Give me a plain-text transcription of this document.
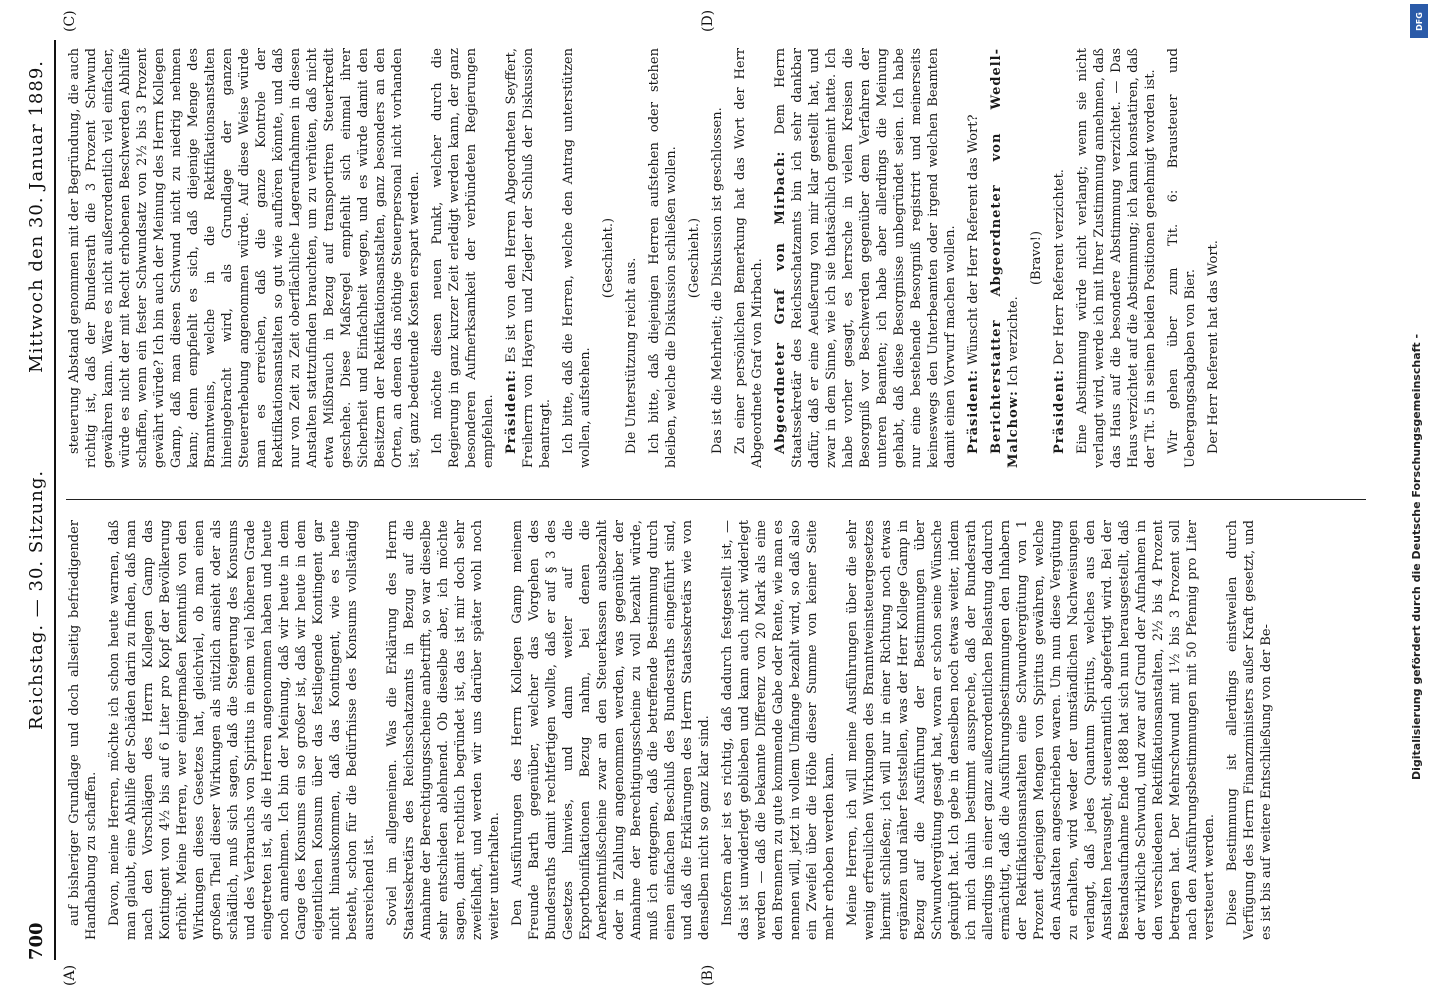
700
Reichstag. — 30. Sitzung.
Mittwoch den 30. Januar 1889.
(A)	(B)
(C)	(D)

auf bisheriger Grundlage und doch allseitig befriedigender Handhabung zu schaffen. Davon, meine Herren, möchte ich schon heute warnen, daß man glaubt, eine Abhilfe der Schäden darin zu finden, daß man nach den Vorschlägen des Herrn Kollegen Gamp das Kontingent von 4½ bis auf 6 Liter pro Kopf der Bevölkerung erhöht. Meine Herren, wer einigermaßen Kenntniß von den Wirkungen dieses Gesetzes hat, gleichviel, ob man einen großen Theil dieser Wirkungen als nützlich ansieht oder als schädlich, muß sich sagen, daß die Steigerung des Konsums und des Verbrauchs von Spiritus in einem viel höheren Grade eingetreten ist, als die Herren angenommen haben und heute noch annehmen. Ich bin der Meinung, daß wir heute in dem Gange des Konsums ein so großer ist, daß wir heute in dem eigentlichen Konsum über das festliegende Kontingent gar nicht hinauskommen, daß das Kontingent, wie es heute besteht, schon für die Bedürfnisse des Konsums vollständig ausreichend ist. Soviel im allgemeinen. Was die Erklärung des Herrn Staatssekretärs des Reichsschatzamts in Bezug auf die Annahme der Berechtigungsscheine anbetrifft, so war dieselbe sehr entschieden ablehnend. Ob dieselbe aber, ich möchte sagen, damit rechtlich begründet ist, das ist mir doch sehr zweifelhaft, und werden wir uns darüber später wohl noch weiter unterhalten. Den Ausführungen des Herrn Kollegen Gamp meinem Freunde Barth gegenüber, welcher das Vorgehen des Bundesraths damit rechtfertigen wollte, daß er auf § 3 des Gesetzes hinwies, und dann weiter auf die Exportbonifikationen Bezug nahm, bei denen die Anerkenntnißscheine zwar an den Steuerkassen ausbezahlt oder in Zahlung angenommen werden, was gegenüber der Annahme der Berechtigungsscheine zu voll bezahlt würde, muß ich entgegnen, daß die betreffende Bestimmung durch einen einfachen Beschluß des Bundesraths eingeführt sind, und daß die Erklärungen des Herrn Staatssekretärs wie von denselben nicht so ganz klar sind. Insofern aber ist es richtig, daß dadurch festgestellt ist, — das ist unwiderlegt geblieben und kann auch nicht widerlegt werden — daß die bekannte Differenz von 20 Mark als eine den Brennern zu gute kommende Gabe oder Rente, wie man es nennen will, jetzt in vollem Umfange bezahlt wird, so daß also ein Zweifel über die Höhe dieser Summe von keiner Seite mehr erhoben werden kann. Meine Herren, ich will meine Ausführungen über die sehr wenig erfreulichen Wirkungen des Branntweinsteuergesetzes hiermit schließen; ich will nur in einer Richtung noch etwas ergänzen und näher feststellen, was der Herr Kollege Gamp in Bezug auf die Ausführung der Bestimmungen über Schwundvergütung gesagt hat, woran er schon seine Wünsche geknüpft hat. Ich gebe in denselben noch etwas weiter, indem ich mich dahin bestimmt ausspreche, daß der Bundesrath allerdings in einer ganz außerordentlichen Belastung dadurch ermächtigt, daß die Ausführungsbestimmungen den Inhabern der Rektifikationsanstalten eine Schwundvergütung von 1 Prozent derjenigen Mengen von Spiritus gewähren, welche den Anstalten angeschrieben waren. Um nun diese Vergütung zu erhalten, wird weder der umständlichen Nachweisungen verlangt, daß jedes Quantum Spiritus, welches aus den Anstalten herausgeht, steueramtlich abgefertigt wird. Bei der Bestandsaufnahme Ende 1888 hat sich nun herausgestellt, daß der wirkliche Schwund, und zwar auf Grund der Aufnahmen in den verschiedenen Rektifikationsanstalten, 2½ bis 4 Prozent betragen hat. Der Mehrschwund mit 1½ bis 3 Prozent soll nach den Ausführungsbestimmungen mit 50 Pfennig pro Liter versteuert werden. Diese Bestimmung ist allerdings einstweilen durch Verfügung des Herrn Finanzministers außer Kraft gesetzt, und es ist bis auf weitere Entschließung von der Be-

steuerung Abstand genommen mit der Begründung, die auch richtig ist, daß der Bundesrath die 3 Prozent Schwund gewähren kann. Wäre es nicht außerordentlich viel einfacher, würde es nicht der mit Recht erhobenen Beschwerden Abhilfe schaffen, wenn ein fester Schwundsatz von 2½ bis 3 Prozent gewährt würde? Ich bin auch der Meinung des Herrn Kollegen Gamp, daß man diesen Schwund nicht zu niedrig nehmen kann; denn empfiehlt es sich, daß diejenige Menge des Branntweins, welche in die Rektifikationsanstalten hineingebracht wird, als Grundlage der ganzen Steuererhebung angenommen würde. Auf diese Weise würde man es erreichen, daß die ganze Kontrole der Rektifikationsanstalten so gut wie aufhören könnte, und daß nur von Zeit zu Zeit oberflächliche Lageraufnahmen in diesen Anstalten stattzufinden brauchten, um zu verhüten, daß nicht etwa Mißbrauch in Bezug auf transportiren Steuerkredit geschehe. Diese Maßregel empfiehlt sich einmal ihrer Sicherheit und Einfachheit wegen, und es würde damit den Besitzern der Rektifikationsanstalten, ganz besonders an den Orten, an denen das nöthige Steuerpersonal nicht vorhanden ist, ganz bedeutende Kosten erspart werden. Ich möchte diesen neuen Punkt, welcher durch die Regierung in ganz kurzer Zeit erledigt werden kann, der ganz besonderen Aufmerksamkeit der verbündeten Regierungen empfehlen. Präsident: Es ist von den Herren Abgeordneten Seyffert, Freiherrn von Hayern und Ziegler der Schluß der Diskussion beantragt. Ich bitte, daß die Herren, welche den Antrag unterstützen wollen, aufstehen.

(Geschieht.) Die Unterstützung reicht aus. Ich bitte, daß diejenigen Herren aufstehen oder stehen bleiben, welche die Diskussion schließen wollen. (Geschieht.) Das ist die Mehrheit; die Diskussion ist geschlossen. Zu einer persönlichen Bemerkung hat das Wort der Herr Abgeordnete Graf von Mirbach. Abgeordneter Graf von Mirbach: Dem Herrn Staatssekretär des Reichsschatzamts bin ich sehr dankbar dafür, daß er eine Aeußerung von mir klar gestellt hat, und zwar in dem Sinne, wie ich sie thatsächlich gemeint hatte. Ich habe vorher gesagt, es herrsche in vielen Kreisen die Besorgniß vor Beschwerden gegenüber dem Verfahren der unteren Beamten; ich habe aber allerdings die Meinung gehabt, daß diese Besorgnisse unbegründet seien. Ich habe nur eine bestehende Besorgniß registrirt und meinerseits keineswegs den Unterbeamten oder irgend welchen Beamten damit einen Vorwurf machen wollen. Präsident: Wünscht der Herr Referent das Wort? Berichterstatter Abgeordneter von Wedell-Malchow: Ich verzichte.

(Bravo!)

Präsident: Der Herr Referent verzichtet. Eine Abstimmung würde nicht verlangt; wenn sie nicht verlangt wird, werde ich mit Ihrer Zustimmung annehmen, daß das Haus auf die besondere Abstimmung verzichtet. — Das Haus verzichtet auf die Abstimmung; ich kann konstatiren, daß der Tit. 5 in seinen beiden Positionen genehmigt worden ist. Wir gehen über zum Tit. 6: Brausteuer und Uebergangsabgaben von Bier. Der Herr Referent hat das Wort.	Digitalisierung gefördert durch die Deutsche Forschungsgemeinschaft -
DFG
